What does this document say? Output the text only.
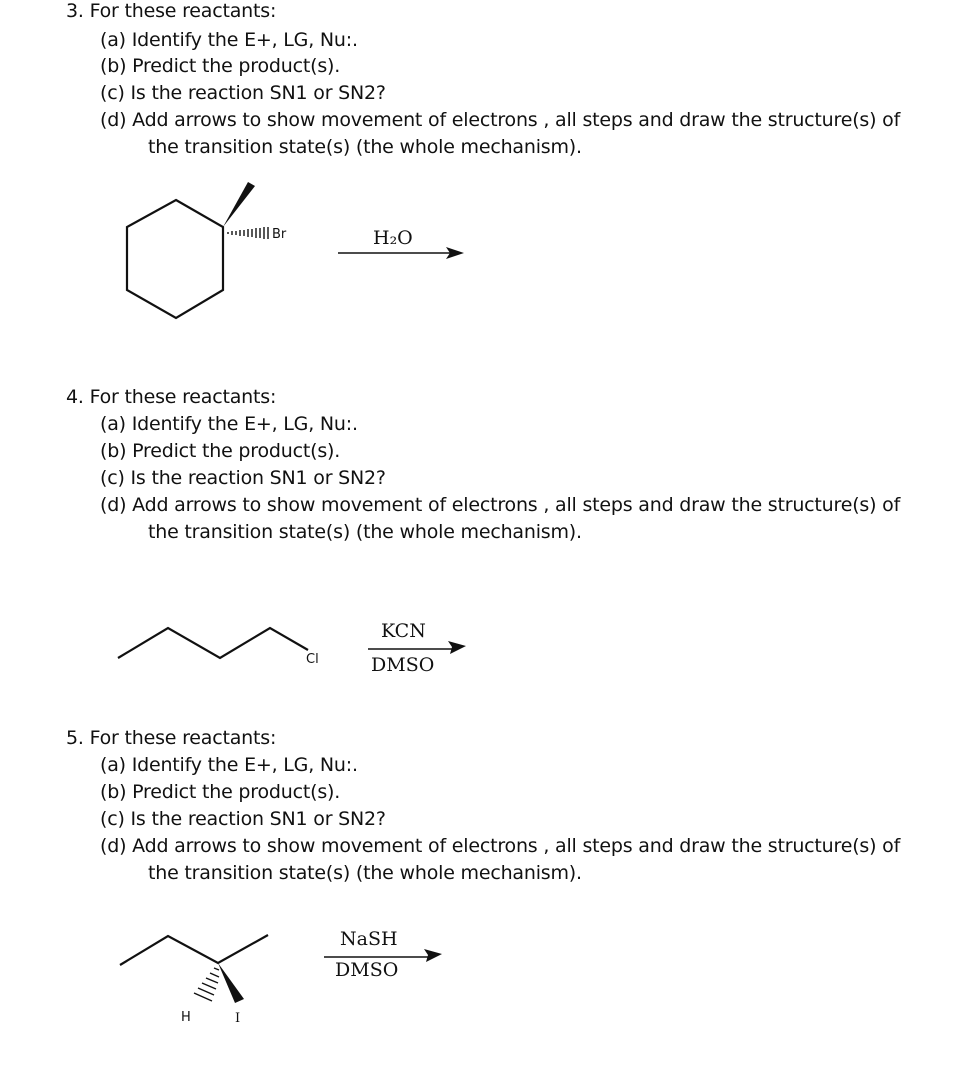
3. For these reactants:
(a) Identify the E+, LG, Nu:.
(b) Predict the product(s).
(c) Is the reaction SN1 or SN2?
(d) Add arrows to show movement of electrons , all steps and draw the structure(s) of
the transition state(s) (the whole mechanism).
Br	H₂O
4. For these reactants:
(a) Identify the E+, LG, Nu:.
(b) Predict the product(s).
(c) Is the reaction SN1 or SN2?
(d) Add arrows to show movement of electrons , all steps and draw the structure(s) of
the transition state(s) (the whole mechanism).
Cl
KCN
DMSO
5. For these reactants:
(a) Identify the E+, LG, Nu:.
(b) Predict the product(s).
(c) Is the reaction SN1 or SN2?
(d) Add arrows to show movement of electrons , all steps and draw the structure(s) of
the transition state(s) (the whole mechanism).
H	I
NaSH
DMSO
